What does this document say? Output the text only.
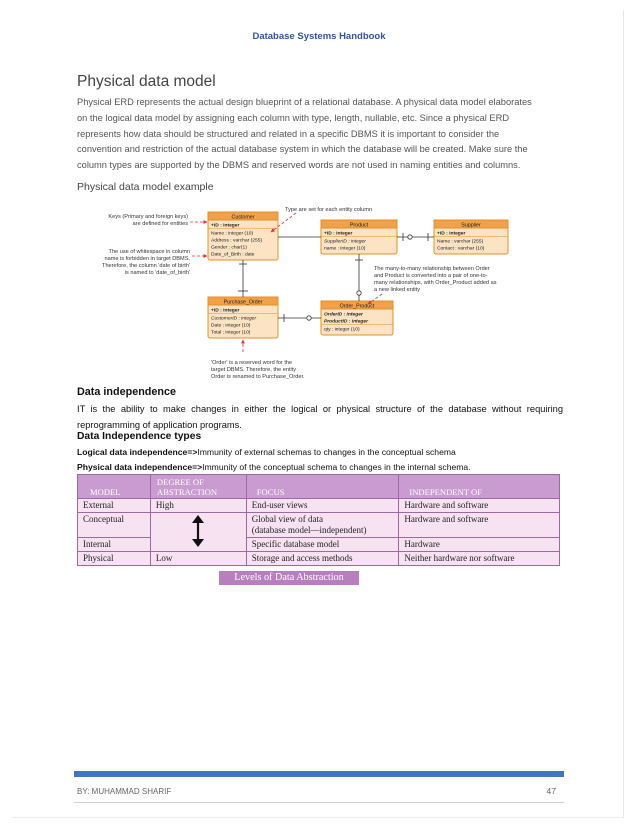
Database Systems Handbook
Physical data model
Physical ERD represents the actual design blueprint of a relational database. A physical data model elaborates
on the logical data model by assigning each column with type, length, nullable, etc. Since a physical ERD
represents how data should be structured and related in a specific DBMS it is important to consider the
convention and restriction of the actual database system in which the database will be created. Make sure the
column types are supported by the DBMS and reserved words are not used in naming entities and columns.
Physical data model example
Customer
+ID : integer
Name : integer (10)
Address : varchar (255)
Gender : char(1)
Date_of_Birth : date
Product
+ID : integer
SupplierID : integer
name : integer (10)
Supplier
+ID : integer
Name : varchar (255)
Contact : varchar (10)
Purchase_Order
+ID : integer
CustomerID : integer
Date : integer (10)
Total : integer (10)
Order_Product
OrderID : integer
ProductID : integer
qty : integer (10)
Keys (Primary and foreign keys)
are defined for entities
Type are set for each entity column
The use of whitespace in column
name is forbidden in target DBMS.
Therefore, the column 'date of birth'
is named to 'date_of_birth'
The many-to-many relationship between Order
and Product is converted into a pair of one-to-
many relationships, with Order_Product added as
a new linked entity
'Order' is a reserved word for the
target DBMS. Therefore, the entity
Order is renamed to Purchase_Order.
Data independence
IT is the ability to make changes in either the logical or physical structure of the database without requiring
reprogramming of application programs.
Data Independence types
Logical data independence=>Immunity of external schemas to changes in the conceptual schema
Physical data independence=>Immunity of the conceptual schema to changes in the internal schema.
MODEL	DEGREE OF
ABSTRACTION	FOCUS	INDEPENDENT OF
External	High	End-user views	Hardware and software
Conceptual		Global view of data
(database model—independent)	Hardware and software
Internal		Specific database model	Hardware
Physical	Low	Storage and access methods	Neither hardware nor software
Levels of Data Abstraction
BY: MUHAMMAD SHARIF	47
